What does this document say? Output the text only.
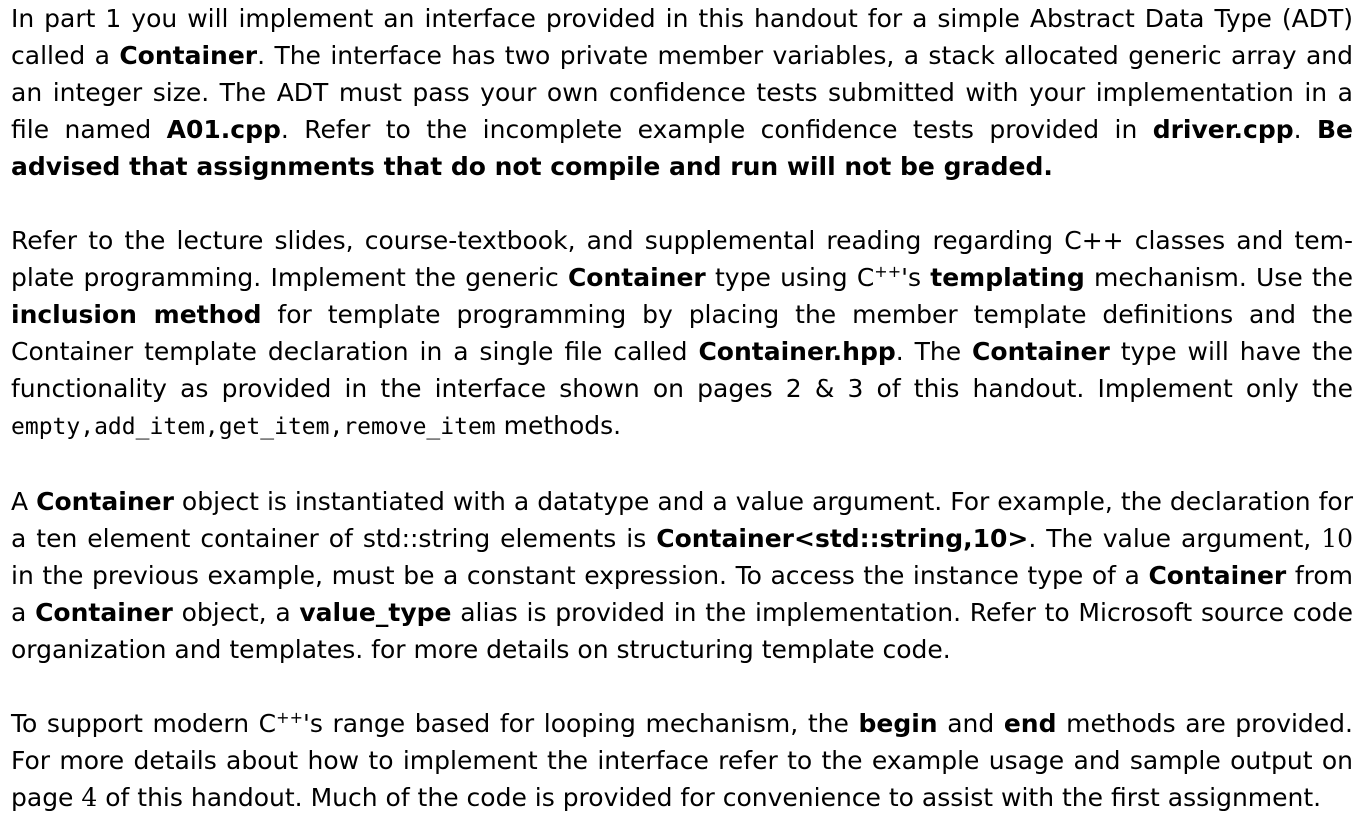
In part 1 you will implement an interface provided in this handout for a simple Abstract Data Type (ADT) called a Container. The interface has two private member variables, a stack allocated generic array and an integer size. The ADT must pass your own confidence tests submitted with your implementation in a file named A01.cpp. Refer to the incomplete example confidence tests provided in driver.cpp. Be advised that assignments that do not compile and run will not be graded.

Refer to the lecture slides, course-textbook, and supplemental reading regarding C++ classes and template programming. Implement the generic Container type using C++'s templating mechanism. Use the inclusion method for template programming by placing the member template definitions and the Container template declaration in a single file called Container.hpp. The Container type will have the functionality as provided in the interface shown on pages 2 & 3 of this handout. Implement only the empty,add_item,get_item,remove_item methods.

A Container object is instantiated with a datatype and a value argument. For example, the declaration for a ten element container of std::string elements is Container<std::string,10>. The value argument, 10 in the previous example, must be a constant expression. To access the instance type of a Container from a Container object, a value_type alias is provided in the implementation. Refer to Microsoft source code organization and templates. for more details on structuring template code.

To support modern C++'s range based for looping mechanism, the begin and end methods are provided. For more details about how to implement the interface refer to the example usage and sample output on page 4 of this handout. Much of the code is provided for convenience to assist with the first assignment.
